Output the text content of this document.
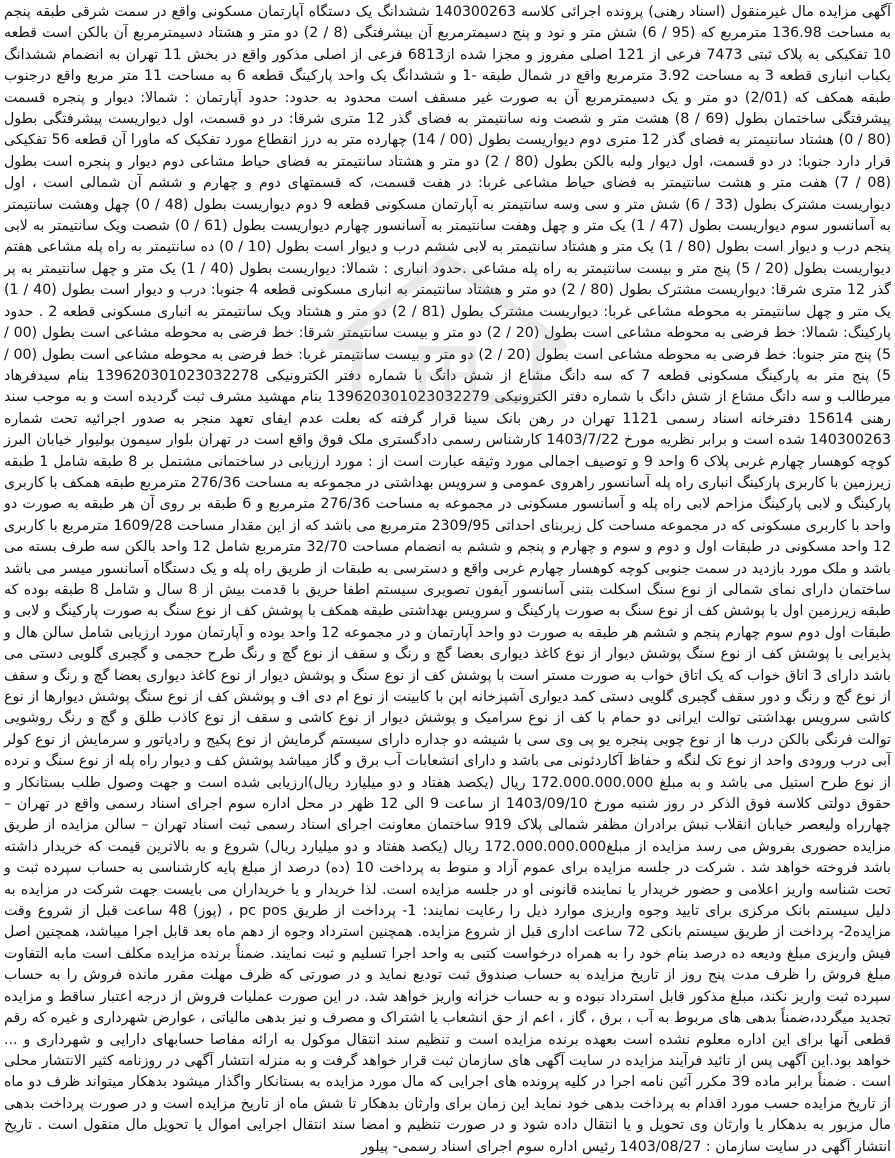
آگهی مزایده مال غیرمنقول (اسناد رهنی) پرونده اجرائی کلاسه 140300263 ششدانگ یک دستگاه آپارتمان مسکونی واقع در سمت شرقی طبقه پنجم به مساحت 136.98 مترمربع که (95 / 6) شش متر و نود و پنج دسیمترمربع آن بیشرفتگی (8 / 2) دو متر و هشتاد دسیمترمربع آن بالکن است قطعه 10 تفکیکی به پلاک ثبتی 7473 فرعی از 121 اصلی مفروز و مجزا شده از6813 فرعی از اصلی مذکور واقع در بخش 11 تهران به انضمام ششدانگ یکباب انباری قطعه 3 به مساحت 3.92 مترمربع واقع در شمال طبقه -1 و ششدانگ یک واحد پارکینگ قطعه 6 به مساحت 11 متر مربع واقع درجنوب طبقه همکف که (2/01) دو متر و یک دسیمترمربع آن به صورت غیر مسقف است محدود به حدود: حدود آپارتمان : شمالا: دیوار و پنجره قسمت پیشرفتگی ساختمان بطول (69 / 8) هشت متر و شصت ونه سانتیمتر به فضای گذر 12 متری شرقا: در دو قسمت، اول دیواریست پیشرفتگی بطول (80 / 0) هشتاد سانتیمتر به فضای گذر 12 متری دوم دیواریست بطول (00 / 14) چهارده متر به درز انقطاع مورد تفکیک که ماورا آن قطعه 56 تفکیکی قرار دارد جنوبا: در دو قسمت، اول دیوار ولبه بالکن بطول (80 / 2) دو متر و هشتاد سانتیمتر به فضای حیاط مشاعی دوم دیوار و پنجره است بطول (08 / 7) هفت متر و هشت سانتیمتر به فضای حیاط مشاعی غربا: در هفت قسمت، که قسمتهای دوم و چهارم و ششم آن شمالی است ، اول دیواریست مشترک بطول (33 / 6) شش متر و سی وسه سانتیمتر به آپارتمان مسکونی قطعه 9 دوم دیواریست بطول (48 / 0) چهل وهشت سانتیمتر به آسانسور سوم دیواریست بطول (47 / 1) یک متر و چهل وهفت سانتیمتر به آسانسور چهارم دیواریست بطول (61 / 0) شصت ویک سانتیمتر به لابی پنجم درب و دیوار است بطول (80 / 1) یک متر و هشتاد سانتیمتر به لابی ششم درب و دیوار است بطول (10 / 0) ده سانتیمتر به راه پله مشاعی هفتم دیواریست بطول (20 / 5) پنج متر و بیست سانتیمتر به راه پله مشاعی .حدود انباری : شمالا: دیواریست بطول (40 / 1) یک متر و چهل سانتیمتر به پر گذر 12 متری شرقا: دیواریست مشترک بطول (80 / 2) دو متر و هشتاد سانتیمتر به انباری مسکونی قطعه 4 جنوبا: درب و دیوار است بطول (40 / 1) یک متر و چهل سانتیمتر به محوطه مشاعی غربا: دیواریست مشترک بطول (81 / 2) دو متر و هشتاد ویک سانتیمتر به انباری مسکونی قطعه 2 . حدود پارکینگ: شمالا: خط فرضی به محوطه مشاعی است بطول (20 / 2) دو متر و بیست سانتیمتر شرقا: خط فرضی به محوطه مشاعی است بطول (00 / 5) پنج متر جنوبا: خط فرضی به محوطه مشاعی است بطول (20 / 2) دو متر و بیست سانتیمتر غربا: خط فرضی به محوطه مشاعی است بطول (00 / 5) پنج متر به پارکینگ مسکونی قطعه 7 که سه دانگ مشاع از شش دانگ با شماره دفتر الکترونیکی 139620301023032278 بنام سیدفرهاد میرطالب و سه دانگ مشاع از شش دانگ با شماره دفتر الکترونیکی 139620301023032279 بنام مهشید مشرف ثبت گردیده است و به موجب سند رهنی 15614 دفترخانه اسناد رسمی 1121 تهران در رهن بانک سینا قرار گرفته که بعلت عدم ایفای تعهد منجر به صدور اجرائیه تحت شماره 140300263 شده است و برابر نظریه مورخ 1403/7/22 کارشناس رسمی دادگستری ملک فوق واقع است در تهران بلوار سیمون بولیوار خیابان البرز کوچه کوهسار چهارم غربی پلاک 6 واحد 9 و توصیف اجمالی مورد وثیقه عبارت است از : مورد ارزیابی در ساختمانی مشتمل بر 8 طبقه شامل 1 طبقه زیرزمین با کاربری پارکینگ انباری راه پله آسانسور راهروی عمومی و سرویس بهداشتی در مجموعه به مساحت 276/36 مترمربع طبقه همکف با کاربری پارکینگ و لابی پارکینگ مزاحم لابی راه پله و آسانسور مسکونی در مجموعه به مساحت 276/36 مترمربع و 6 طبقه بر روی آن هر طبقه به صورت دو واحد با کاربری مسکونی که در مجموعه مساحت کل زیربنای احداثی 2309/95 مترمربع می باشد که از این مقدار مساحت 1609/28 مترمربع با کاربری 12 واحد مسکونی در طبقات اول و دوم و سوم و چهارم و پنجم و ششم به انضمام مساحت 32/70 مترمربع شامل 12 واحد بالکن سه طرف بسته می باشد و ملک مورد بازدید در سمت جنوبی کوچه کوهسار چهارم غربی واقع و دسترسی به طبقات از طریق راه پله و یک دستگاه آسانسور میسر می باشد ساختمان دارای نمای شمالی از نوع سنگ اسکلت بتنی آسانسور آیفون تصویری سیستم اطفا حریق با قدمت بیش از 8 سال و شامل 8 طبقه بوده که طبقه زیرزمین اول با پوشش کف از نوع سنگ به صورت پارکینگ و سرویس بهداشتی طبقه همکف با پوشش کف از نوع سنگ به صورت پارکینگ و لابی و طبقات اول دوم سوم چهارم پنجم و ششم هر طبقه به صورت دو واحد آپارتمان و در مجموعه 12 واحد بوده و آپارتمان مورد ارزیابی شامل سالن هال و پذیرایی با پوشش کف از نوع سنگ پوشش دیوار از نوع کاغذ دیواری بعضا گچ و رنگ و سقف از نوع گچ و رنگ طرح حجمی و گچبری گلویی دستی می باشد دارای 3 اتاق خواب که یک اتاق خواب به صورت مستر است با پوشش کف از نوع سنگ و پوشش دیوار از نوع کاغذ دیواری بعضا گچ و رنگ و سقف از نوع گچ و رنگ و دور سقف گچبری گلویی دستی کمد دیواری آشپزخانه اپن با کابینت از نوع ام دی اف و پوشش کف از نوع سنگ پوشش دیوارها از نوع کاشی سرویس بهداشتی توالت ایرانی دو حمام با کف از نوع سرامیک و پوشش دیوار از نوع کاشی و سقف از نوع کاذب طلق و گچ و رنگ روشویی توالت فرنگی بالکن درب ها از نوع چوبی پنجره یو پی وی سی با شیشه دو جداره دارای سیستم گرمایش از نوع پکیج و رادیاتور و سرمایش از نوع کولر آبی درب ورودی واحد از نوع تک لنگه و حفاظ آکاردئونی می باشد و دارای انشعابات آب برق و گاز میباشد پوشش کف و دیوار راه پله از نوع سنگ و نرده از نوع طرح استیل می باشد و به مبلغ 172.000.000.000 ریال (یکصد هفتاد و دو میلیارد ریال)ارزیابی شده است و جهت وصول طلب بستانکار و حقوق دولتی کلاسه فوق الذکر در روز شنبه مورخ 1403/09/10 از ساعت 9 الی 12 ظهر در محل اداره سوم اجرای اسناد رسمی واقع در تهران – چهارراه ولیعصر خیابان انقلاب نبش برادران مظفر شمالی پلاک 919 ساختمان معاونت اجرای اسناد رسمی ثبت اسناد تهران – سالن مزایده از طریق مزایده حضوری بفروش می رسد مزایده از مبلغ172.000.000.000 ریال (یکصد هفتاد و دو میلیارد ریال) شروع و به بالاترین قیمت که خریدار داشته باشد فروخته خواهد شد . شرکت در جلسه مزایده برای عموم آزاد و منوط به پرداخت 10 (ده) درصد از مبلغ پایه کارشناسی به حساب سپرده ثبت و تحت شناسه واریز اعلامی و حضور خریدار یا نماینده قانونی او در جلسه مزایده است. لذا خریدار و یا خریداران می بایست جهت شرکت در مزایده به دلیل سیستم بانک مرکزی برای تایید وجوه واریزی موارد ذیل را رعایت نمایند: 1- پرداخت از طریق pc pos ، (پوز) 48 ساعت قبل از شروع وقت مزایده2- پرداخت از طریق سیستم بانکی 72 ساعت اداری قبل از شروع مزایده. همچنین استرداد وجوه از دهم ماه بعد قابل اجرا میباشد، همچنین اصل فیش واریزی مبلغ ودیعه ده درصد بنام خود را به همراه درخواست کتبی به واحد اجرا تسلیم و ثبت نمایند. ضمناً برنده مزایده مکلف است مابه التفاوت مبلغ فروش را ظرف مدت پنج روز از تاریخ مزایده به حساب صندوق ثبت تودیع نماید و در صورتی که ظرف مهلت مقرر مانده فروش را به حساب سپرده ثبت واریز نکند، مبلغ مذکور قابل استرداد نبوده و به حساب خزانه واریز خواهد شد. در این صورت عملیات فروش از درجه اعتبار ساقط و مزایده تجدید میگردد،ضمناً بدهی های مربوط به آب ، برق ، گاز ، اعم از حق انشعاب یا اشتراک و مصرف و نیز بدهی مالیاتی ، عوارض شهرداری و غیره که رقم قطعی آنها برای این اداره معلوم نشده است بعهده برنده مزایده است و تنظیم سند انتقال موکول به ارائه مفاصا حسابهای دارایی و شهرداری و ... خواهد بود.این آگهی پس از تائید فرآیند مزایده در سایت آگهی های سازمان ثبت قرار خواهد گرفت و به منزله انتشار آگهی در روزنامه کثیر الانتشار محلی است . ضمناً برابر ماده 39 مکرر آئین نامه اجرا در کلیه پرونده های اجرایی که مال مورد مزایده به بستانکار واگذار میشود بدهکار میتواند ظرف دو ماه از تاریخ مزایده حسب مورد اقدام به پرداخت بدهی خود نماید این زمان برای وارثان بدهکار تا شش ماه از تاریخ مزایده است و در صورت پرداخت بدهی مال مزبور به بدهکار یا وارثان وی تحویل و یا انتقال داده شود و در صورت تنظیم و امضا سند انتقال اجرایی اموال یا تحویل مال منقول است . تاریخ انتشار آگهی در سایت سازمان : 1403/08/27 رئیس اداره سوم اجرای اسناد رسمی- پیلور
